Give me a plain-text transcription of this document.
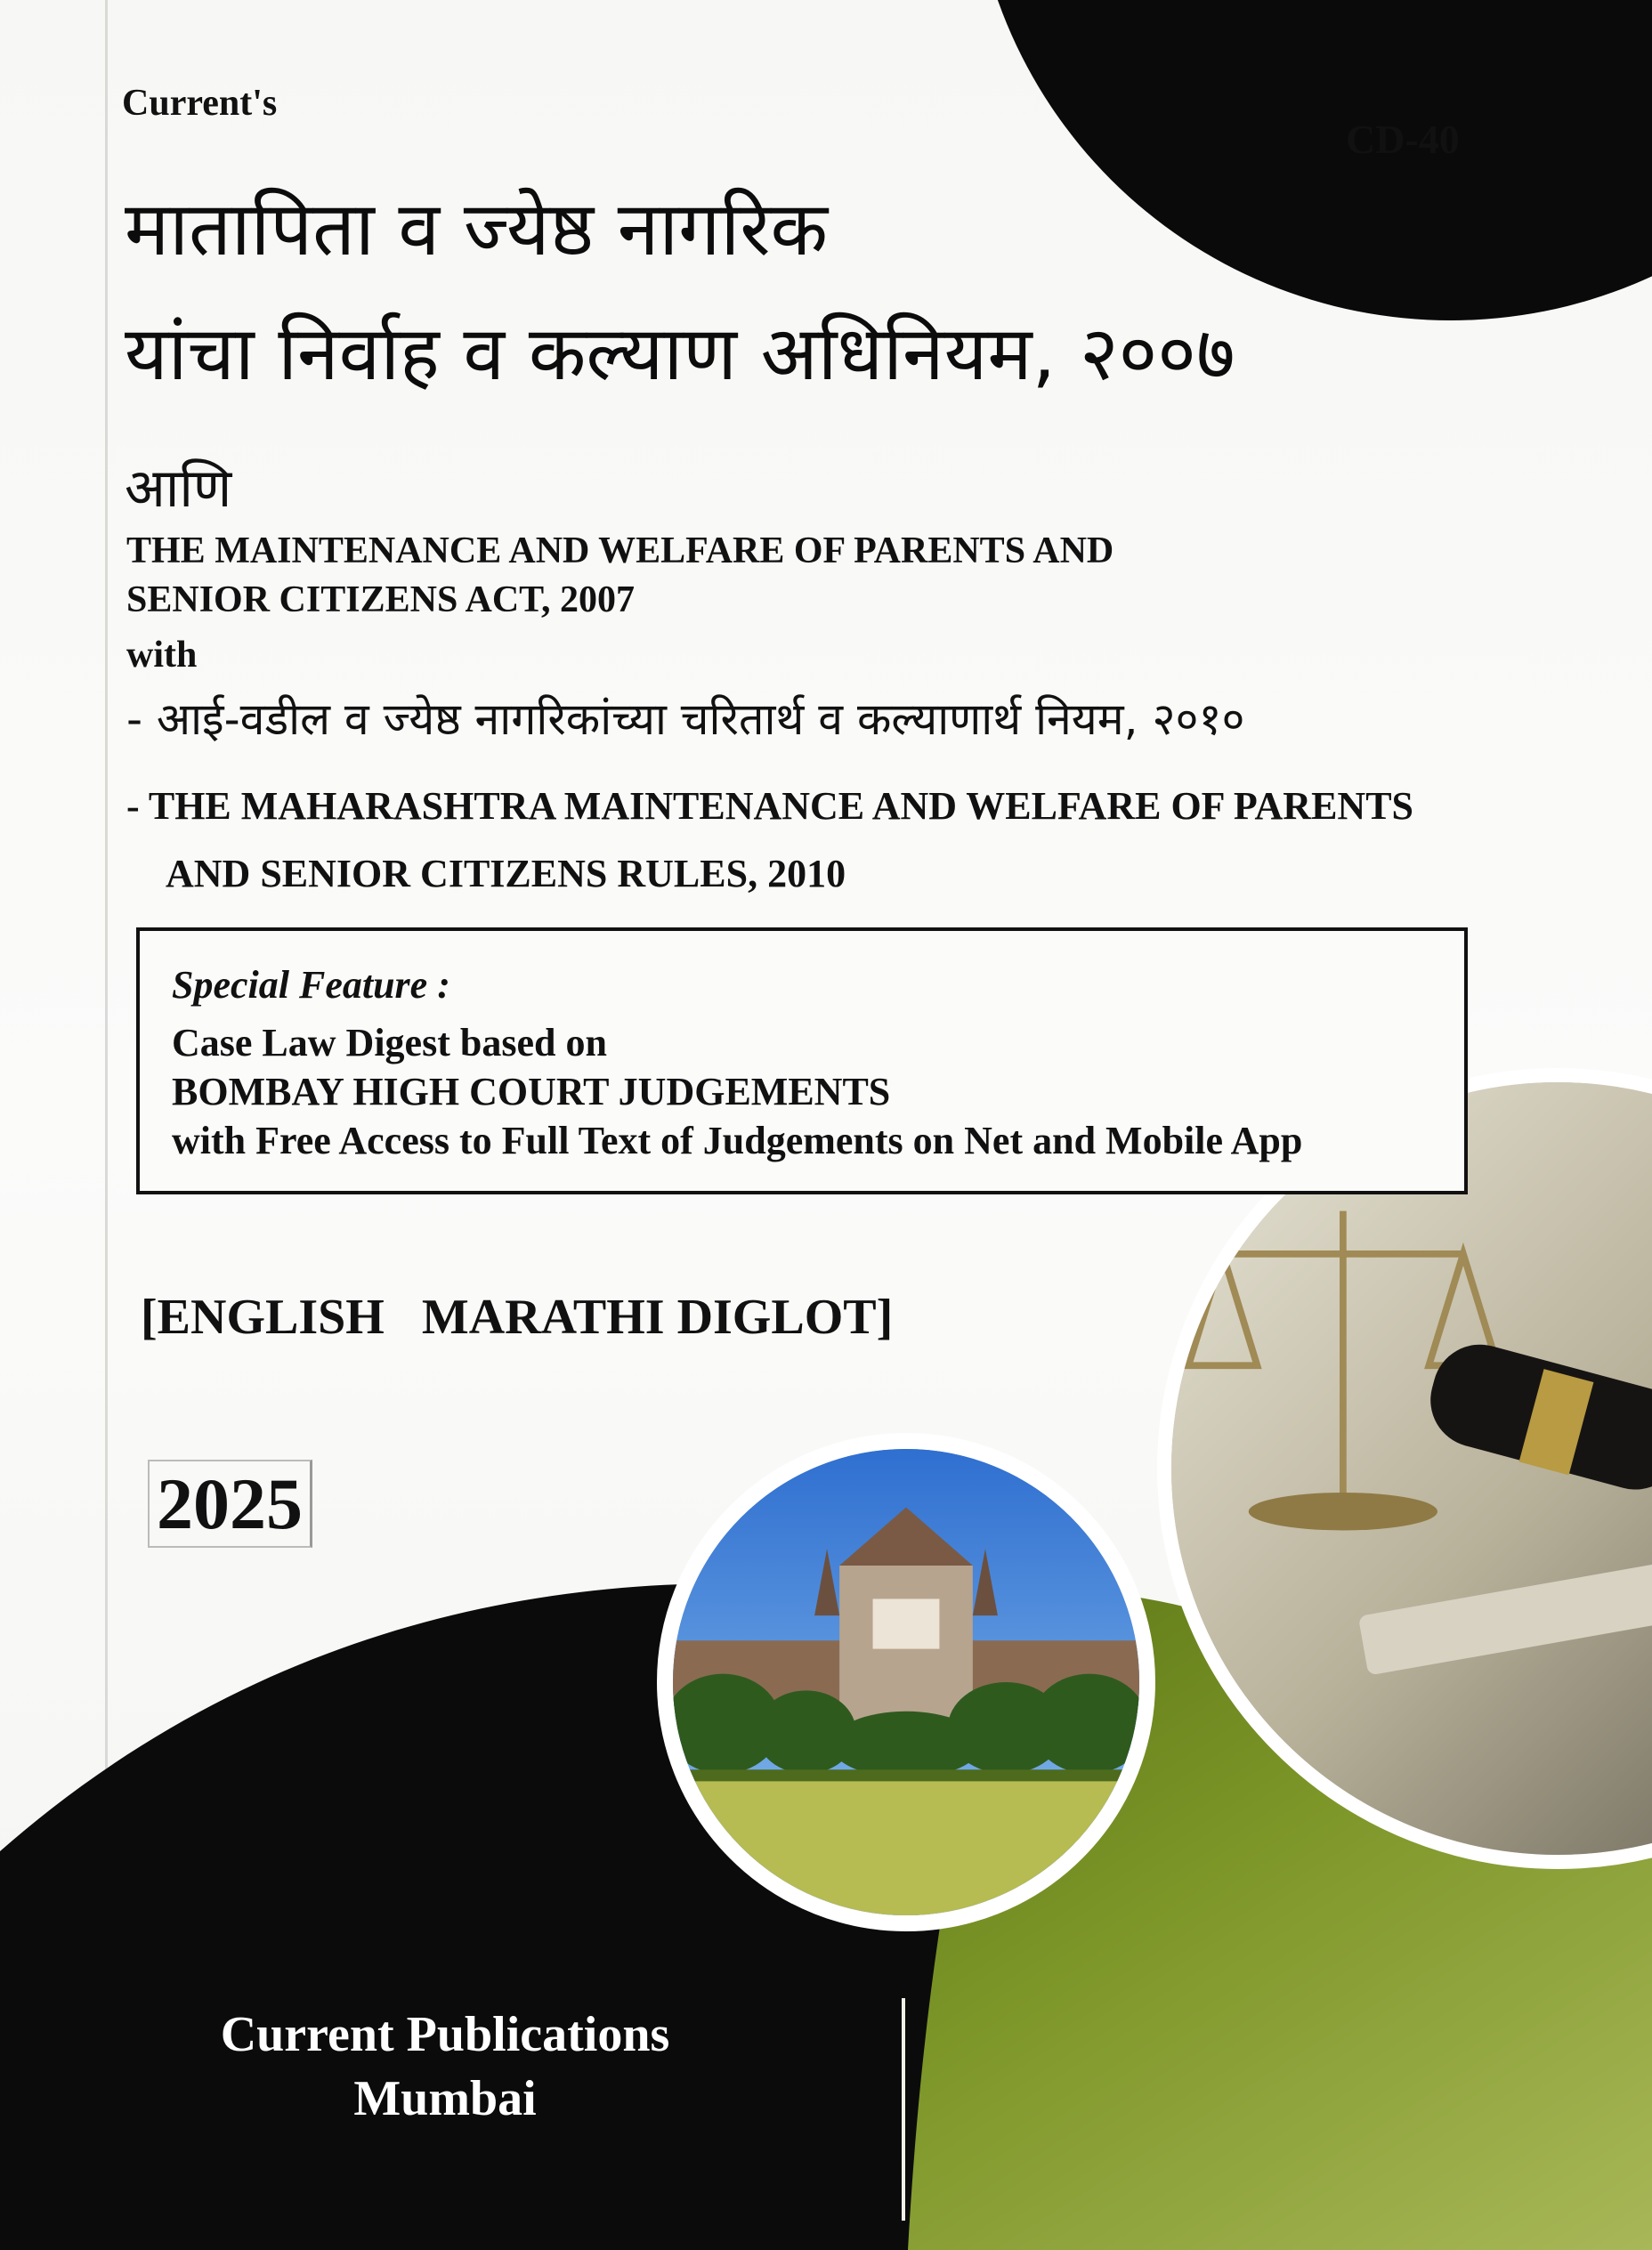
CD-40
Current's
मातापिता व ज्येष्ठ नागरिक
यांचा निर्वाह व कल्याण अधिनियम, २००७
आणि
THE MAINTENANCE AND WELFARE OF PARENTS AND
SENIOR CITIZENS ACT, 2007
with
- आई-वडील व ज्येष्ठ नागरिकांच्या चरितार्थ व कल्याणार्थ नियम, २०१०
- THE MAHARASHTRA MAINTENANCE AND WELFARE OF PARENTS
AND SENIOR CITIZENS RULES, 2010
Special Feature :
Case Law Digest based on
BOMBAY HIGH COURT JUDGEMENTS
with Free Access to Full Text of Judgements on Net and Mobile App
[ENGLISH   MARATHI DIGLOT]
2025
Current Publications
Mumbai
